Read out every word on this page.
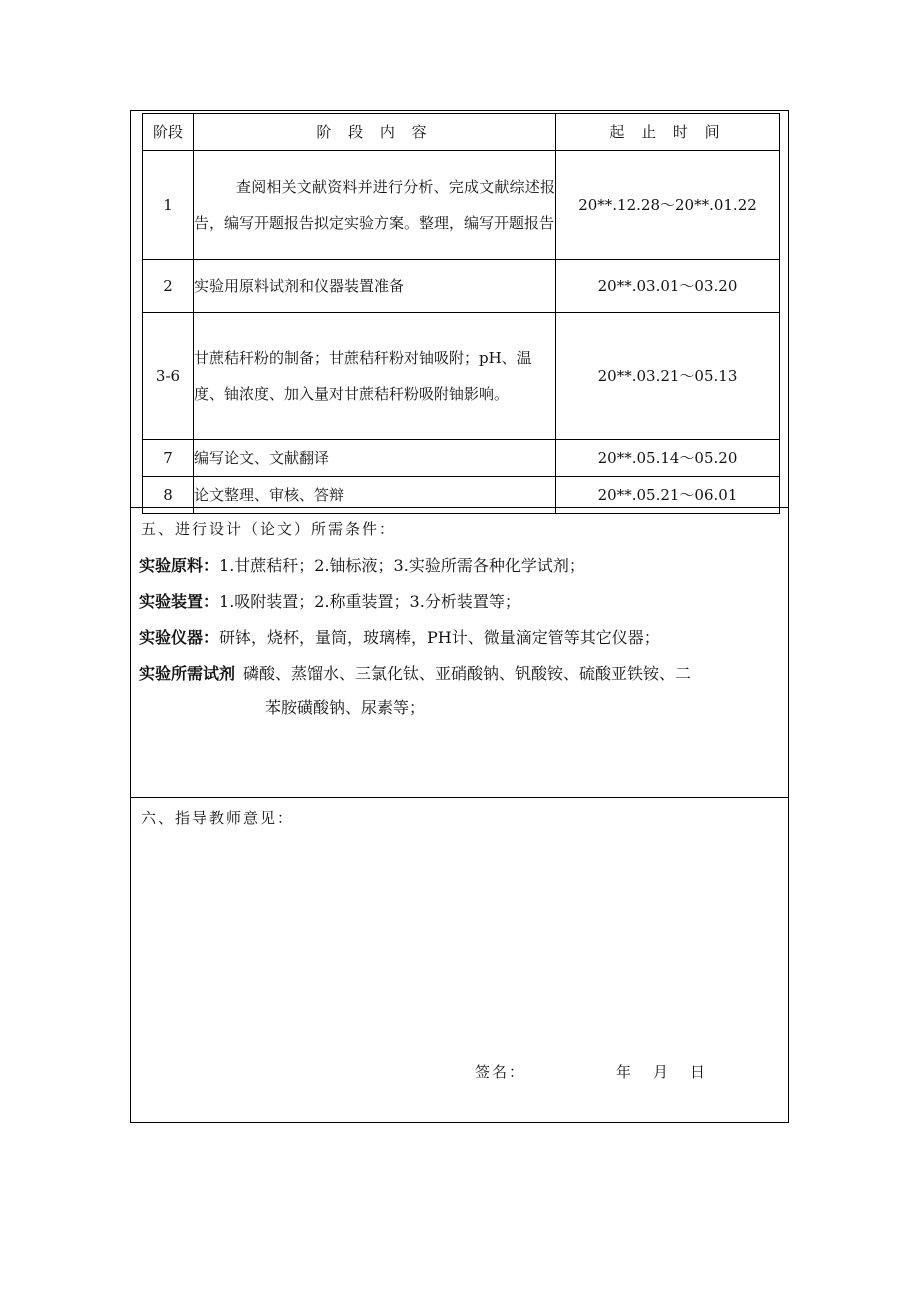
阶段	阶 段 内 容	起 止 时 间
1	查阅相关文献资料并进行分析、完成文献综述报告，编写开题报告拟定实验方案。整理，编写开题报告	20**.12.28～20**.01.22
2	实验用原料试剂和仪器装置准备	20**.03.01～03.20
3-6	甘蔗秸秆粉的制备；甘蔗秸秆粉对铀吸附；pH、温度、铀浓度、加入量对甘蔗秸秆粉吸附铀影响。	20**.03.21～05.13
7	编写论文、文献翻译	20**.05.14～05.20
8	论文整理、审核、答辩	20**.05.21～06.01
五、进行设计（论文）所需条件：
实验原料：1.甘蔗秸秆；2.铀标液；3.实验所需各种化学试剂；
实验装置：1.吸附装置；2.称重装置；3.分析装置等；
实验仪器：研钵，烧杯，量筒，玻璃棒，PH计、微量滴定管等其它仪器；
实验所需试剂 磷酸、蒸馏水、三氯化钛、亚硝酸钠、钒酸铵、硫酸亚铁铵、二
苯胺磺酸钠、尿素等；
六、指导教师意见：
签名：	年 月 日
